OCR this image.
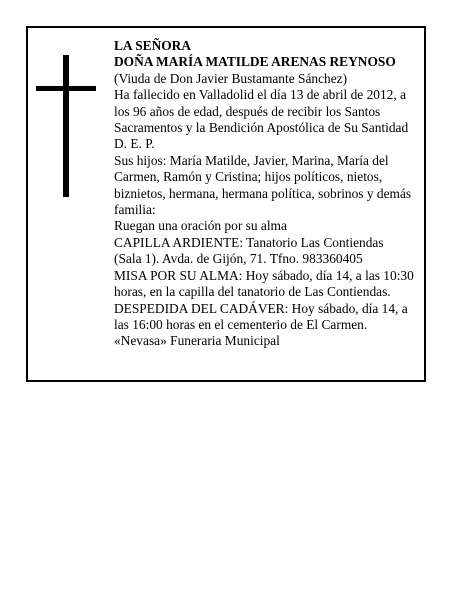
LA SEÑORA

DOÑA MARÍA MATILDE ARENAS REYNOSO

(Viuda de Don Javier Bustamante Sánchez)

Ha fallecido en Valladolid el día 13 de abril de 2012, a
los 96 años de edad, después de recibir los Santos
Sacramentos y la Bendición Apostólica de Su Santidad
D. E. P.

Sus hijos: María Matilde, Javier, Marina, María del
Carmen, Ramón y Cristina; hijos políticos, nietos,
biznietos, hermana, hermana política, sobrinos y demás
familia:

Ruegan una oración por su alma

CAPILLA ARDIENTE: Tanatorio Las Contiendas
(Sala 1). Avda. de Gijón, 71. Tfno. 983360405

MISA POR SU ALMA: Hoy sábado, día 14, a las 10:30
horas, en la capilla del tanatorio de Las Contiendas.

DESPEDIDA DEL CADÁVER: Hoy sábado, día 14, a
las 16:00 horas en el cementerio de El Carmen.

«Nevasa» Funeraria Municipal
